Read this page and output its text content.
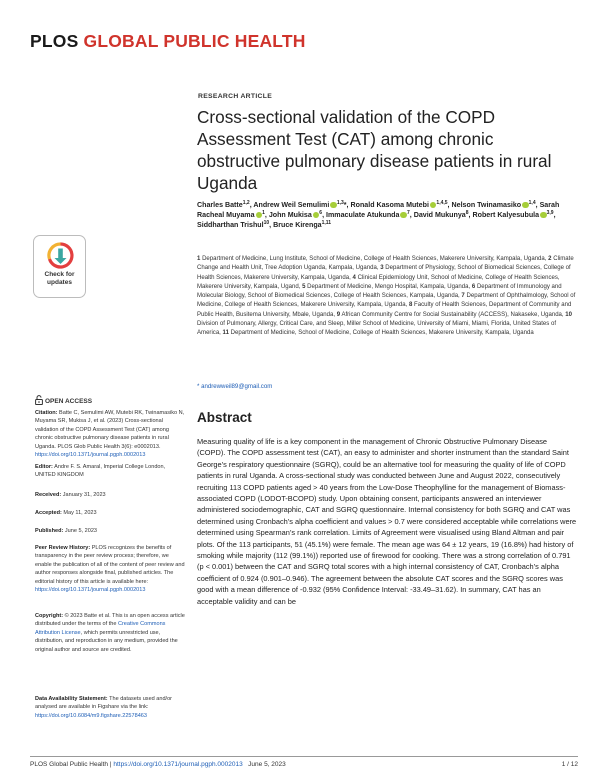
PLOS GLOBAL PUBLIC HEALTH
RESEARCH ARTICLE
Cross-sectional validation of the COPD Assessment Test (CAT) among chronic obstructive pulmonary disease patients in rural Uganda
Charles Batte$^{1,2}$, Andrew Weil Semulimi $^{1,3}$*, Ronald Kasoma Mutebi $^{1,4,5}$, Nelson Twinamasiko $^{1,4}$, Sarah Racheal Muyama $^1$, John Mukisa $^6$, Immaculate Atukunda $^7$, David Mukunya$^8$, Robert Kalyesubula $^{3,9}$, Siddharthan Trishul$^{10}$, Bruce Kirenga$^{1,11}$
1 Department of Medicine, Lung Institute, School of Medicine, College of Health Sciences, Makerere University, Kampala, Uganda, 2 Climate Change and Health Unit, Tree Adoption Uganda, Kampala, Uganda, 3 Department of Physiology, School of Biomedical Sciences, College of Health Sciences, Makerere University, Kampala, Uganda, 4 Clinical Epidemiology Unit, School of Medicine, College of Health Sciences, Makerere University, Kampala, Ugand, 5 Department of Medicine, Mengo Hospital, Kampala, Uganda, 6 Department of Immunology and Molecular Biology, School of Biomedical Sciences, College of Health Sciences, Kampala, Uganda, 7 Department of Ophthalmology, School of Medicine, College of Health Sciences, Makerere University, Kampala, Uganda, 8 Faculty of Health Sciences, Department of Community and Public Health, Busitema University, Mbale, Uganda, 9 African Community Centre for Social Sustainability (ACCESS), Nakaseke, Uganda, 10 Division of Pulmonary, Allergy, Critical Care, and Sleep, Miller School of Medicine, University of Miami, Miami, Florida, United States of America, 11 Department of Medicine, School of Medicine, College of Health Sciences, Makerere University, Kampala, Uganda
* andrewweil89@gmail.com
Abstract

Measuring quality of life is a key component in the management of Chronic Obstructive Pulmonary Disease (COPD). The COPD assessment test (CAT), an easy to administer and shorter instrument than the standard Saint George’s respiratory questionnaire (SGRQ), could be an alternative tool for measuring the quality of life of COPD patients in rural Uganda. A cross-sectional study was conducted between June and August 2022, consecutively recruiting 113 COPD patients aged > 40 years from the Low-Dose Theophylline for the management of Biomass-associated COPD (LODOT-BCOPD) study. Upon obtaining consent, participants answered an interviewer administered sociodemographic, CAT and SGRQ questionnaire. Internal consistency for both SGRQ and CAT was determined using Cronbach’s alpha coefficient and values > 0.7 were considered acceptable while correlations were determined using Spearman’s rank correlation. Limits of Agreement were visualised using Bland Altman and pair plots. Of the 113 participants, 51 (45.1%) were female. The mean age was 64 ± 12 years, 19 (16.8%) had history of smoking while majority (112 (99.1%)) reported use of firewood for cooking. There was a strong correlation of 0.791 (p < 0.001) between the CAT and SGRQ total scores with a high internal consistency of CAT, Cronbach’s alpha coefficient of 0.924 (0.901–0.946). The agreement between the absolute CAT scores and the SGRQ scores was good with a mean difference of -0.932 (95% Confidence Interval: -33.49–31.62). In summary, CAT has an acceptable validity and can be

Check for
updates
OPEN ACCESS
Citation: Batte C, Semulimi AW, Mutebi RK, Twinamasiko N, Muyama SR, Mukisa J, et al. (2023) Cross-sectional validation of the COPD Assessment Test (CAT) among chronic obstructive pulmonary disease patients in rural Uganda. PLOS Glob Public Health 3(6): e0002013. https://doi.org/10.1371/journal.pgph.0002013
Editor: Andre F. S. Amaral, Imperial College London, UNITED KINGDOM
Received: January 31, 2023
Accepted: May 11, 2023
Published: June 5, 2023
Peer Review History: PLOS recognizes the benefits of transparency in the peer review process; therefore, we enable the publication of all of the content of peer review and author responses alongside final, published articles. The editorial history of this article is available here: https://doi.org/10.1371/journal.pgph.0002013
Copyright: © 2023 Batte et al. This is an open access article distributed under the terms of the Creative Commons Attribution License, which permits unrestricted use, distribution, and reproduction in any medium, provided the original author and source are credited.
Data Availability Statement: The datasets used and/or analysed are available in Figshare via the link: https://doi.org/10.6084/m9.figshare.22578463
PLOS Global Public Health | https://doi.org/10.1371/journal.pgph.0002013 June 5, 2023	1 / 12
